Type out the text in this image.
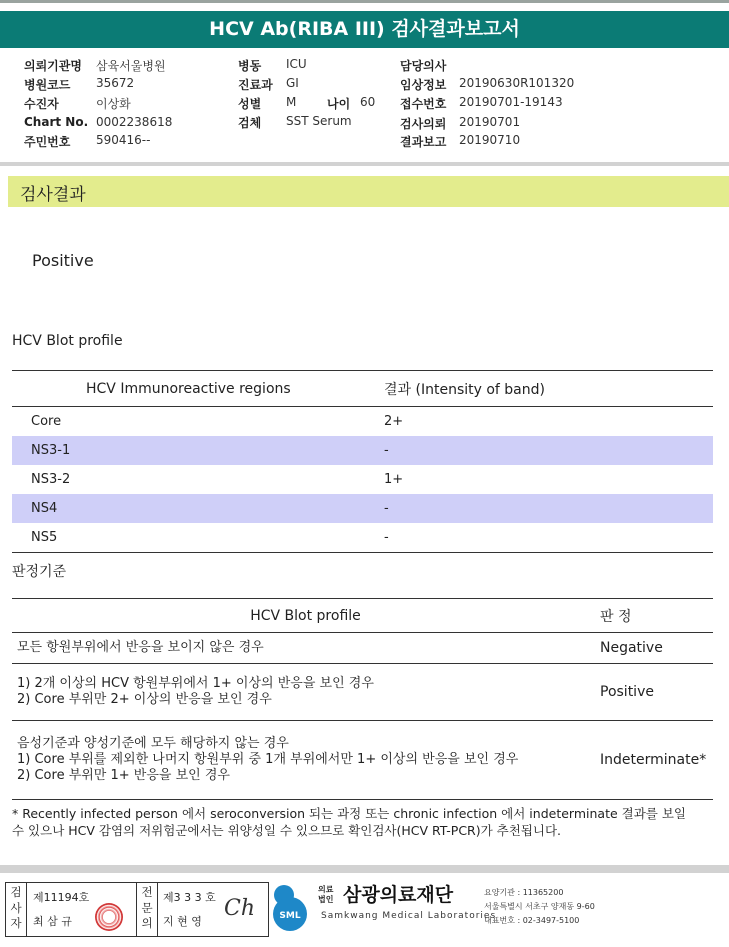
HCV Ab(RIBA III) 검사결과보고서
의뢰기관명 삼육서울병원
병원코드 35672
수진자	이상화
Chart No. 0002238618
주민번호 590416--
병동 ICU
진료과 GI
성별 M	나이 60
검체 SST Serum
담당의사
임상정보 20190630R101320
접수번호 20190701-19143
검사의뢰 20190701
결과보고 20190710
검사결과
Positive
HCV Blot profile
HCV Immunoreactive regions	결과 (Intensity of band)
Core	2+
NS3-1	-
NS3-2	1+
NS4	-
NS5	-
판정기준
HCV Blot profile	판 정

모든 항원부위에서 반응을 보이지 않은 경우	Negative

1) 2개 이상의 HCV 항원부위에서 1+ 이상의 반응을 보인 경우
2) Core 부위만 2+ 이상의 반응을 보인 경우	Positive

음성기준과 양성기준에 모두 해당하지 않는 경우
1) Core 부위를 제외한 나머지 항원부위 중 1개 부위에서만 1+ 이상의 반응을 보인 경우
2) Core 부위만 1+ 반응을 보인 경우	Indeterminate*
* Recently infected person 에서 seroconversion 되는 과정 또는 chronic infection 에서 indeterminate 결과를 보일
수 있으나 HCV 감염의 저위험군에서는 위양성일 수 있으므로 확인검사(HCV RT-PCR)가 추천됩니다.
검
사
자
제11194호
최 삼 규
전
문
의
제3 3 3 호
지 현 영
Ch	SML
의료
법인 삼광의료재단
Samkwang Medical Laboratories
요양기관 : 11365200
서울특별시 서초구 양재동 9-60
대표번호 : 02-3497-5100
